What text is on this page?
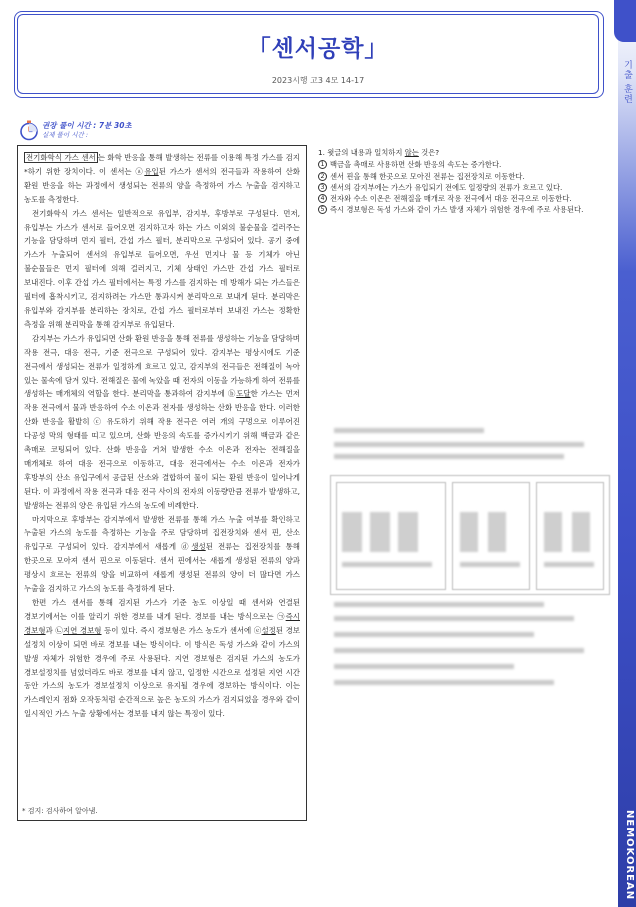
기출 훈련
NEMOKOREAN
「센서공학」
2023시행 고3 4모 14-17
권장 풀이 시간 : 7분 30초
실제 풀이 시간 :

전기화학식 가스 센서 는 화학 반응을 통해 발생하는 전류를 이용해 특정 가스를 검지*하기 위한 장치이다. 이 센서는 ⓐ유입된 가스가 센서의 전극들과 작용하여 산화 환원 반응을 하는 과정에서 생성되는 전류의 양을 측정하여 가스 누출을 검지하고 농도를 측정한다.

전기화학식 가스 센서는 일반적으로 유입부, 감지부, 후방부로 구성된다. 먼저, 유입부는 가스가 센서로 들어오면 검지하고자 하는 가스 이외의 불순물을 걸러주는 기능을 담당하며 먼지 필터, 간섭 가스 필터, 분리막으로 구성되어 있다. 공기 중에 가스가 누출되어 센서의 유입부로 들어오면, 우선 먼지나 물 등 기체가 아닌 불순물들은 먼지 필터에 의해 걸러지고, 기체 상태인 가스만 간섭 가스 필터로 보내진다. 이후 간섭 가스 필터에서는 특정 가스를 검지하는 데 방해가 되는 가스들은 필터에 흡착시키고, 검지하려는 가스만 통과시켜 분리막으로 보내게 된다. 분리막은 유입부와 감지부를 분리하는 장치로, 간섭 가스 필터로부터 보내진 가스는 정확한 측정을 위해 분리막을 통해 감지부로 유입된다.

감지부는 가스가 유입되면 산화 환원 반응을 통해 전류를 생성하는 기능을 담당하며 작용 전극, 대응 전극, 기준 전극으로 구성되어 있다. 감지부는 평상시에도 기준 전극에서 생성되는 전류가 일정하게 흐르고 있고, 감지부의 전극들은 전해질이 녹아 있는 물속에 담겨 있다. 전해질은 물에 녹았을 때 전자의 이동을 가능하게 하여 전류를 생성하는 매개체의 역할을 한다. 분리막을 통과하여 감지부에 ⓑ도달한 가스는 먼저 작용 전극에서 물과 반응하여 수소 이온과 전자를 생성하는 산화 반응을 한다. 이러한 산화 반응을 활발히 ⓒ 유도하기 위해 작용 전극은 여러 개의 구멍으로 이루어진 다공성 막의 형태를 띠고 있으며, 산화 반응의 속도를 증가시키기 위해 백금과 같은 촉매로 코팅되어 있다. 산화 반응을 거쳐 발생한 수소 이온과 전자는 전해질을 매개체로 하여 대응 전극으로 이동하고, 대응 전극에서는 수소 이온과 전자가 후방부의 산소 유입구에서 공급된 산소와 결합하여 물이 되는 환원 반응이 일어나게 된다. 이 과정에서 작용 전극과 대응 전극 사이의 전자의 이동량만큼 전류가 발생하고, 발생하는 전류의 양은 유입된 가스의 농도에 비례한다.

마지막으로 후방부는 감지부에서 발생한 전류를 통해 가스 누출 여부를 확인하고 누출된 가스의 농도를 측정하는 기능을 주로 담당하며 집전장치와 센서 핀, 산소 유입구로 구성되어 있다. 감지부에서 새롭게 ⓓ생성된 전류는 집전장치를 통해 한곳으로 모아져 센서 핀으로 이동된다. 센서 핀에서는 새롭게 생성된 전류의 양과 평상시 흐르는 전류의 양을 비교하여 새롭게 생성된 전류의 양이 더 많다면 가스 누출을 검지하고 가스의 농도를 측정하게 된다.

한편 가스 센서를 통해 검지된 가스가 기준 농도 이상일 때 센서와 연결된 경보기에서는 이를 알리기 위한 경보를 내게 된다. 경보를 내는 방식으로는 ㉠즉시 경보형과 ㉡지연 경보형 등이 있다. 즉시 경보형은 가스 농도가 센서에 ⓔ설정된 경보 설정치 이상이 되면 바로 경보를 내는 방식이다. 이 방식은 독성 가스와 같이 가스의 발생 자체가 위험한 경우에 주로 사용된다. 지연 경보형은 검지된 가스의 농도가 경보설정치를 넘었더라도 바로 경보를 내지 않고, 일정한 시간으로 설정된 지연 시간 동안 가스의 농도가 경보설정치 이상으로 유지될 경우에 경보하는 방식이다. 이는 가스레인지 점화 오작동처럼 순간적으로 높은 농도의 가스가 검지되었을 경우와 같이 일시적인 가스 누출 상황에서는 경보를 내지 않는 특징이 있다.

* 검지: 검사하여 알아냄.
1. 윗글의 내용과 일치하지 않는 것은?
1 백금을 촉매로 사용하면 산화 반응의 속도는 증가한다.
2 센서 핀을 통해 한곳으로 모아진 전류는 집전장치로 이동한다.
3 센서의 감지부에는 가스가 유입되기 전에도 일정량의 전류가 흐르고 있다.
4 전자와 수소 이온은 전해질을 매개로 작용 전극에서 대응 전극으로 이동한다.
5 즉시 경보형은 독성 가스와 같이 가스 발생 자체가 위험한 경우에 주로 사용된다.
